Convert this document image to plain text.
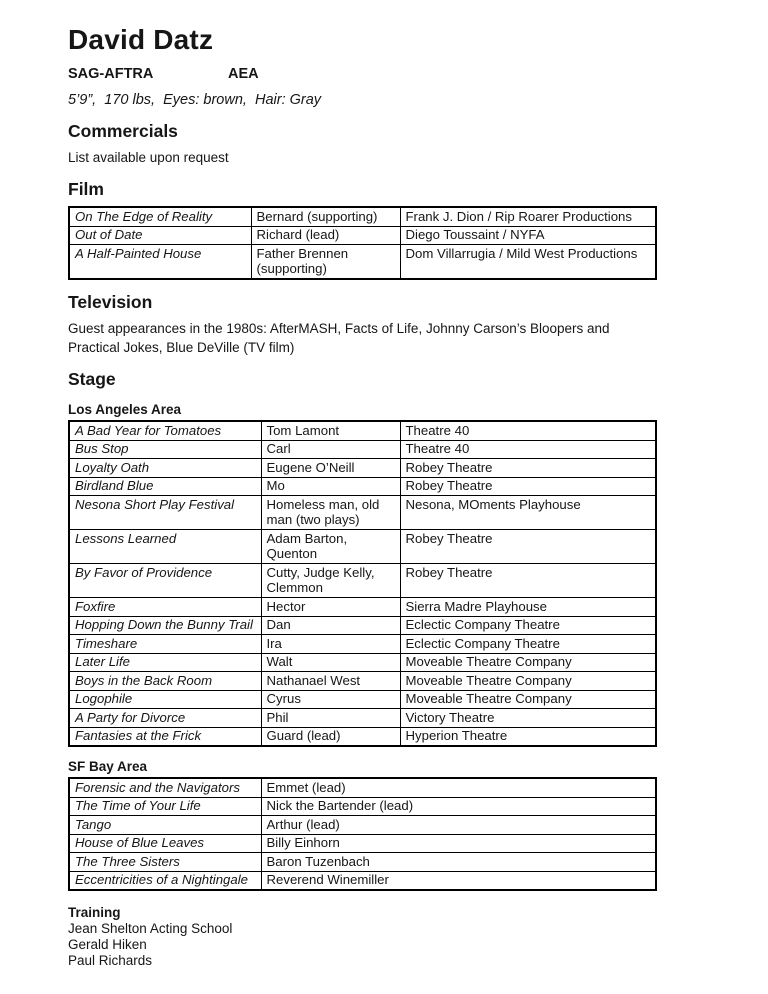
David Datz
SAG-AFTRA	AEA
5’9”,  170 lbs,  Eyes: brown,  Hair: Gray
Commercials

List available upon request

Film
On The Edge of Reality	Bernard (supporting)	Frank J. Dion / Rip Roarer Productions
Out of Date	Richard (lead)	Diego Toussaint / NYFA
A Half-Painted House	Father Brennen (supporting)	Dom Villarrugia / Mild West Productions
Television

Guest appearances in the 1980s: AfterMASH, Facts of Life, Johnny Carson’s Bloopers and Practical Jokes, Blue DeVille (TV film)

Stage
Los Angeles Area
A Bad Year for Tomatoes	Tom Lamont	Theatre 40
Bus Stop	Carl	Theatre 40
Loyalty Oath	Eugene O’Neill	Robey Theatre
Birdland Blue	Mo	Robey Theatre
Nesona Short Play Festival	Homeless man, old man (two plays)	Nesona, MOments Playhouse
Lessons Learned	Adam Barton, Quenton	Robey Theatre
By Favor of Providence	Cutty, Judge Kelly, Clemmon	Robey Theatre
Foxfire	Hector	Sierra Madre Playhouse
Hopping Down the Bunny Trail	Dan	Eclectic Company Theatre
Timeshare	Ira	Eclectic Company Theatre
Later Life	Walt	Moveable Theatre Company
Boys in the Back Room	Nathanael West	Moveable Theatre Company
Logophile	Cyrus	Moveable Theatre Company
A Party for Divorce	Phil	Victory Theatre
Fantasies at the Frick	Guard (lead)	Hyperion Theatre
SF Bay Area
Forensic and the Navigators	Emmet (lead)
The Time of Your Life	Nick the Bartender (lead)
Tango	Arthur (lead)
House of Blue Leaves	Billy Einhorn
The Three Sisters	Baron Tuzenbach
Eccentricities of a Nightingale	Reverend Winemiller
Training
Jean Shelton Acting School
Gerald Hiken
Paul Richards
